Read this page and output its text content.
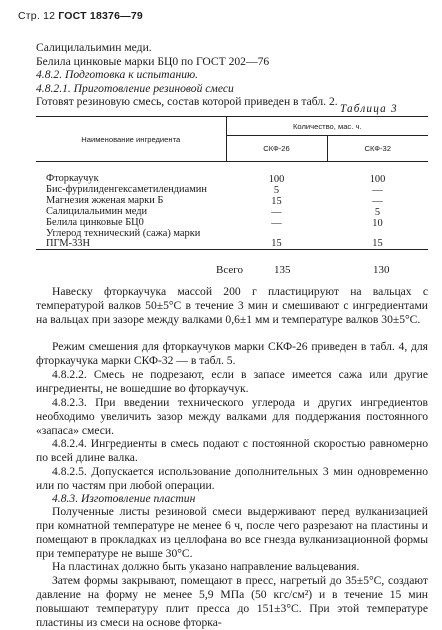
Стр. 12 ГОСТ 18376—79
Салицилальимин меди.
Белила цинковые марки БЦ0 по ГОСТ 202—76
4.8.2. Подготовка к испытанию.
4.8.2.1. Приготовление резиновой смеси
Готовят резиновую смесь, состав которой приведен в табл. 2.
Таблица 3
Наименование ингредиента	Количество, мас. ч.	
	СКФ-26	СКФ-32

Фторкаучук	100	100
Бис-фурилиденгексаметилендиамин	5	—
Магнезия жженая марки Б	15	—
Салицилальимин меди	—	5
Белила цинковые БЦ0	—	10
Углерод технический (сажа) марки ПГМ-33Н	15	15

Всего	135	130
Навеску фторкаучука массой 200 г пластицируют на вальцах с температурой валков 50±5°С в течение 3 мин и смешивают с ингредиентами на вальцах при зазоре между валками 0,6±1 мм и температуре валков 30±5°С.
Режим смешения для фторкаучуков марки СКФ-26 приведен в табл. 4, для фторкаучука марки СКФ-32 — в табл. 5.
4.8.2.2. Смесь не подрезают, если в запасе имеется сажа или другие ингредиенты, не вошедшие во фторкаучук.
4.8.2.3. При введении технического углерода и других ингредиентов необходимо увеличить зазор между валками для поддержания постоянного «запаса» смеси.
4.8.2.4. Ингредиенты в смесь подают с постоянной скоростью равномерно по всей длине валка.
4.8.2.5. Допускается использование дополнительных 3 мин одновременно или по частям при любой операции.
4.8.3. Изготовление пластин
Полученные листы резиновой смеси выдерживают перед вулканизацией при комнатной температуре не менее 6 ч, после чего разрезают на пластины и помещают в прокладках из целлофана во все гнезда вулканизационной формы при температуре не выше 30°С.
На пластинах должно быть указано направление вальцевания.
Затем формы закрывают, помещают в пресс, нагретый до 35±5°С, создают давление на форму не менее 5,9 МПа (50 кгс/см²) и в течение 15 мин повышают температуру плит пресса до 151±3°С. При этой температуре пластины из смеси на основе фторка-
